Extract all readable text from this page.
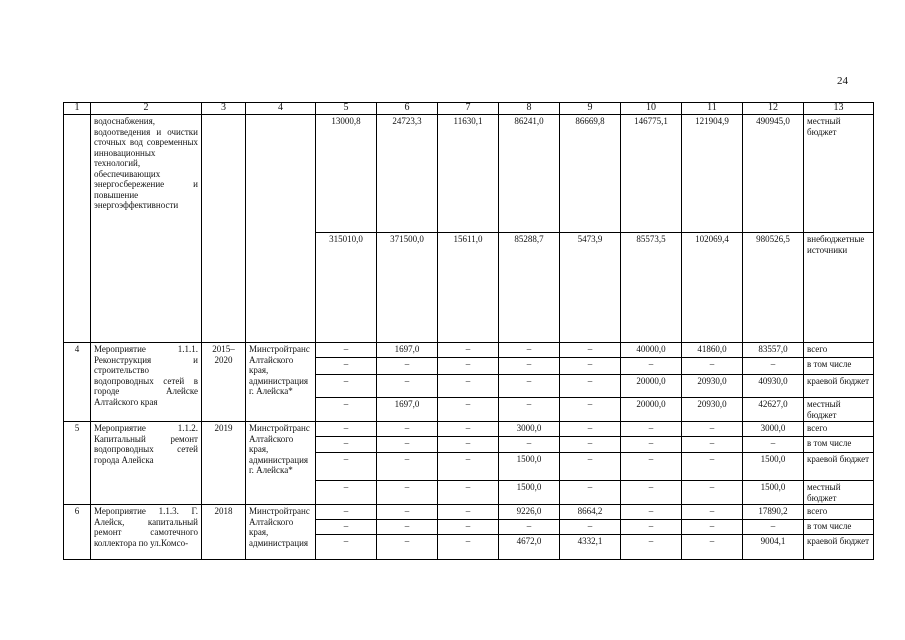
24
1	2	3	4	5	6	7	8	9	10	11	12	13
	водоснабжения, водоотведения и очистки сточных вод современных инновационных технологий, обеспечивающих энергосбережение и повышение энергоэффективности			13000,8	24723,3	11630,1	86241,0	86669,8	146775,1	121904,9	490945,0	местный бюджет
				315010,0	371500,0	15611,0	85288,7	5473,9	85573,5	102069,4	980526,5	внебюджетные источники
4	Мероприятие 1.1.1. Реконструкция и строительство водопроводных сетей в городе Алейске Алтайского края	2015–2020	Минстройтранс Алтайского края, администрация г. Алейска*	–	1697,0	–	–	–	40000,0	41860,0	83557,0	всего
				–	–	–	–	–	–	–	–	в том числе
				–	–	–	–	–	20000,0	20930,0	40930,0	краевой бюджет
				–	1697,0	–	–	–	20000,0	20930,0	42627,0	местный бюджет
5	Мероприятие 1.1.2. Капитальный ремонт водопроводных сетей города Алейска	2019	Минстройтранс Алтайского края, администрация г. Алейска*	–	–	–	3000,0	–	–	–	3000,0	всего
				–	–	–	–	–	–	–	–	в том числе
				–	–	–	1500,0	–	–	–	1500,0	краевой бюджет
				–	–	–	1500,0	–	–	–	1500,0	местный бюджет
6	Мероприятие 1.1.3. Г. Алейск, капитальный ремонт самотечного коллектора по ул.Комсо-	2018	Минстройтранс Алтайского края, администрация	–	–	–	9226,0	8664,2	–	–	17890,2	всего
				–	–	–	–	–	–	–	–	в том числе
				–	–	–	4672,0	4332,1	–	–	9004,1	краевой бюджет
